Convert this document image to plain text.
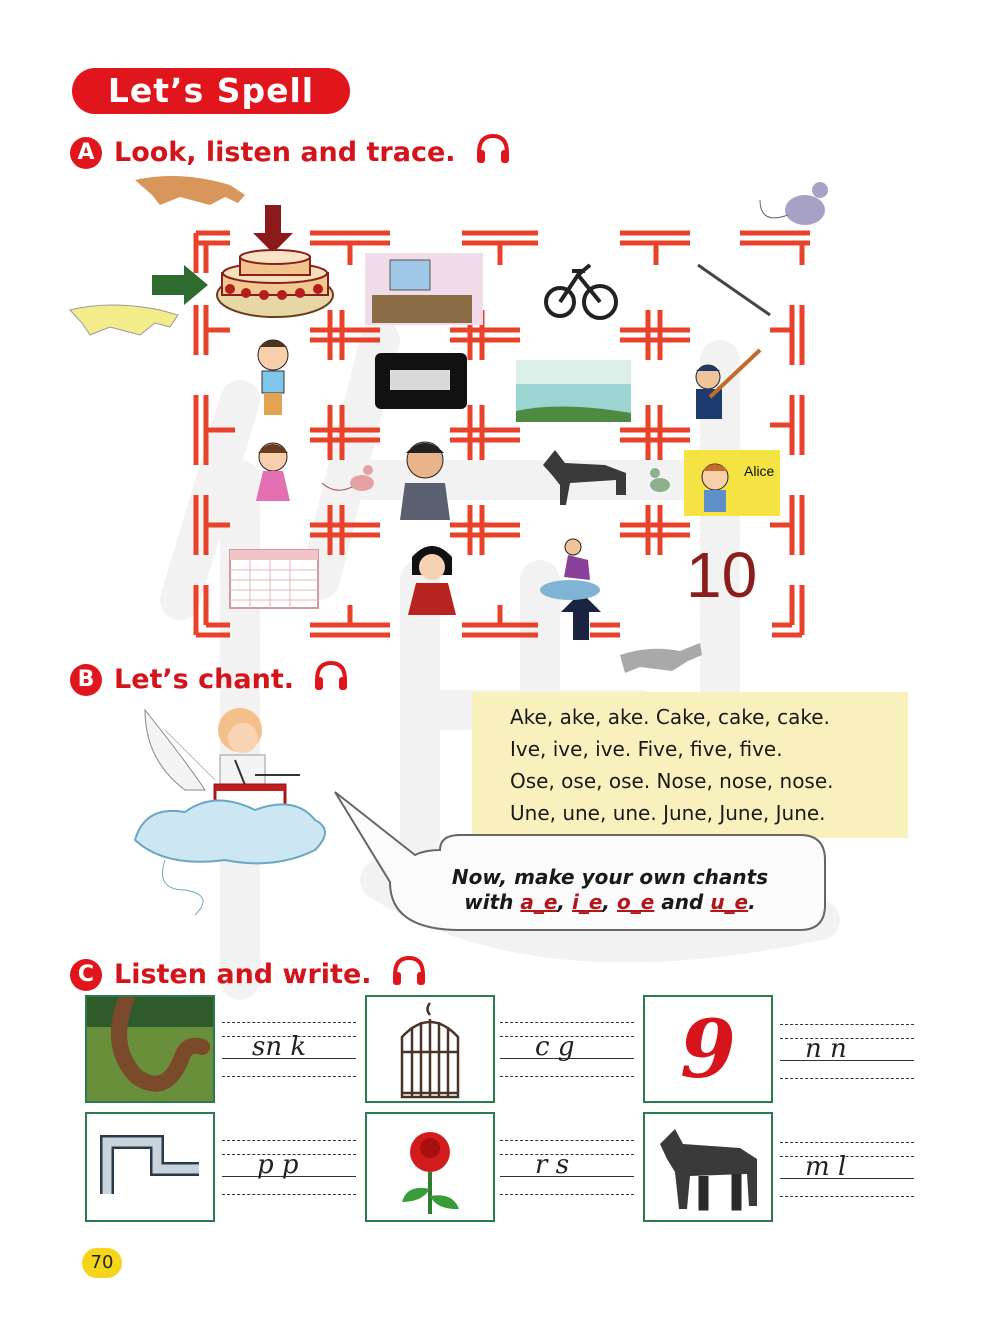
Let’s Spell
A Look, listen and trace.
Alice
10
B Let’s chant.
Ake, ake, ake. Cake, cake, cake.
Ive, ive, ive. Five, five, five.
Ose, ose, ose. Nose, nose, nose.
Une, une, une. June, June, June.
Now, make your own chants
with a_e, i_e, o_e and u_e.
C Listen and write.
sn k	c g	9	n n
p p	r s	m l
70
